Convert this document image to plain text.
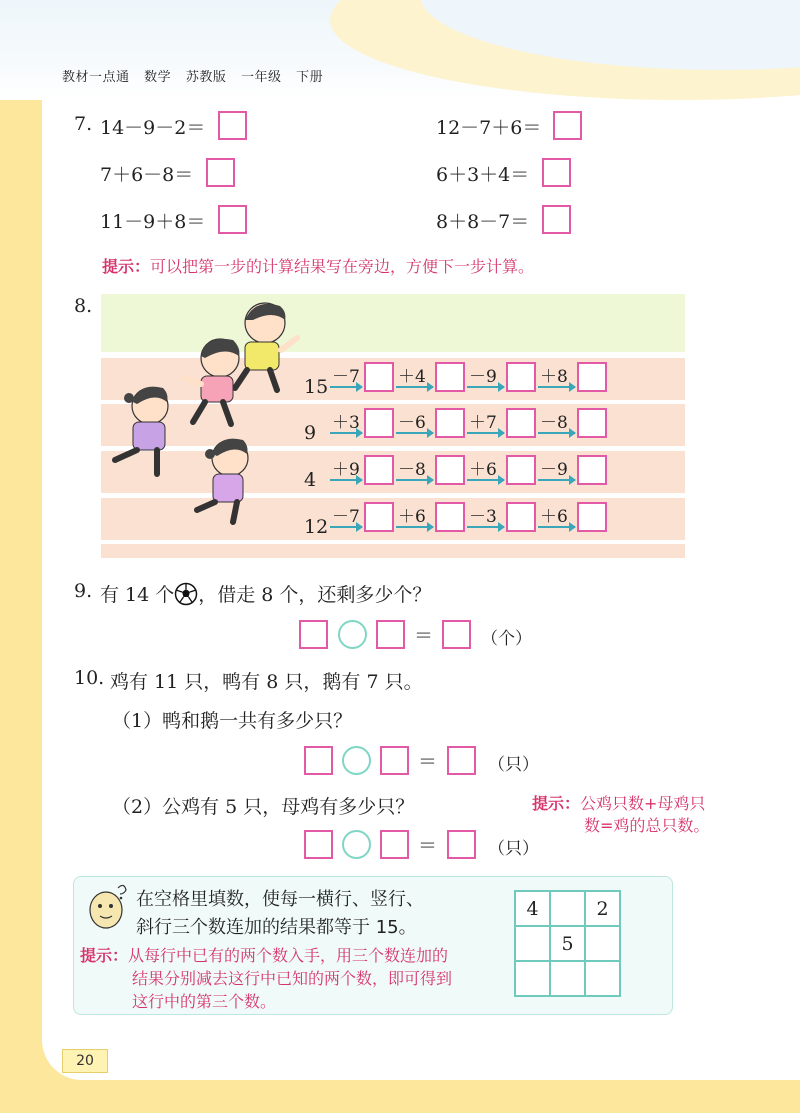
教材一点通 数学 苏教版 一年级 下册
7. 14－9－2＝	12－7＋6＝
7＋6－8＝	6＋3＋4＝
11－9＋8＝	8＋8－7＝
提示：可以把第一步的计算结果写在旁边，方便下一步计算。
8.
15 －7 ＋4	－9	＋8
9 ＋3 －6	＋7	－8
4 ＋9 －8	＋6	－9
12 －7 ＋6	－3	＋6
9. 有 14 个 ，借走 8 个，还剩多少个？
＝	（个）
10. 鸡有 11 只，鸭有 8 只，鹅有 7 只。
（1）鸭和鹅一共有多少只？
＝	（只）
（2）公鸡有 5 只，母鸡有多少只？
＝	（只）
提示：公鸡只数+母鸡只
数=鸡的总只数。
在空格里填数，使每一横行、竖行、
斜行三个数连加的结果都等于 15。
提示：从每行中已有的两个数入手，用三个数连加的
结果分别减去这行中已知的两个数，即可得到
这行中的第三个数。
4		2
	5	

20
